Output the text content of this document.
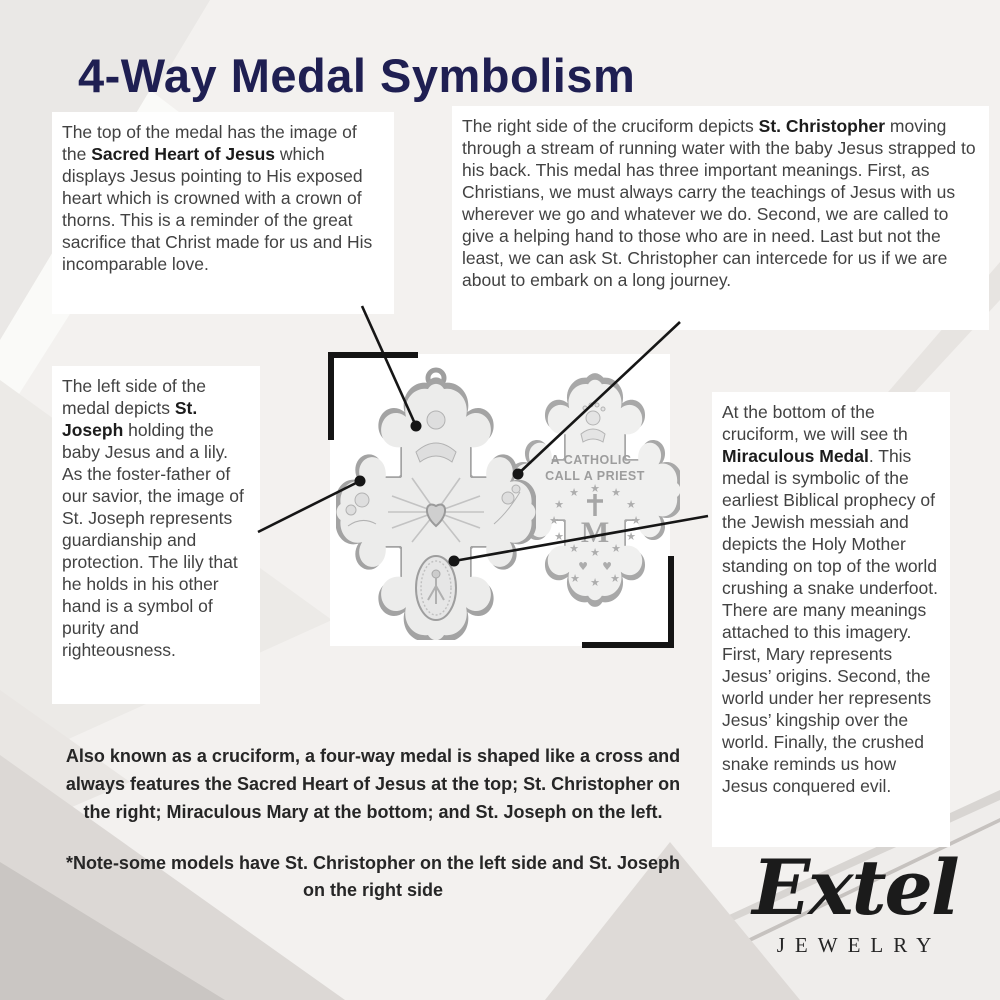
4-Way Medal Symbolism
The top of the medal has the image of the Sacred Heart of Jesus which displays Jesus pointing to His exposed heart which is crowned with a crown of thorns. This is a reminder of the great sacrifice that Christ made for us and His incomparable love.
The right side of the cruciform depicts St. Christopher moving through a stream of running water with the baby Jesus strapped to his back. This medal has three important meanings. First, as Christians, we must always carry the teachings of Jesus with us wherever we go and whatever we do. Second, we are called to give a helping hand to those who are in need. Last but not the least, we can ask St. Christopher can intercede for us if we are about to embark on a long journey.
The left side of the medal depicts St. Joseph holding the baby Jesus and a lily. As the foster-father of our savior, the image of St. Joseph represents guardianship and protection. The lily that he holds in his other hand is a symbol of purity and righteousness.
At the bottom of the cruciform, we will see th Miraculous Medal. This medal is symbolic of the earliest Biblical prophecy of the Jewish messiah and depicts the Holy Mother standing on top of the world crushing a snake underfoot. There are many meanings attached to this imagery. First, Mary represents Jesus’ origins. Second, the world under her represents Jesus’ kingship over the world. Finally, the crushed snake reminds us how Jesus conquered evil.
A CATHOLIC
CALL A PRIEST
M
★ ★
★
★
★
★
★
★
★
★
★
★
♥ ♥
★ ★ ★
Also known as a cruciform, a four-way medal is shaped like a cross and always features the Sacred Heart of Jesus at the top; St. Christopher on the right; Miraculous Mary at the bottom; and St. Joseph on the left.
*Note-some models have St. Christopher on the left side and St. Joseph on the right side	Extel
JEWELRY
